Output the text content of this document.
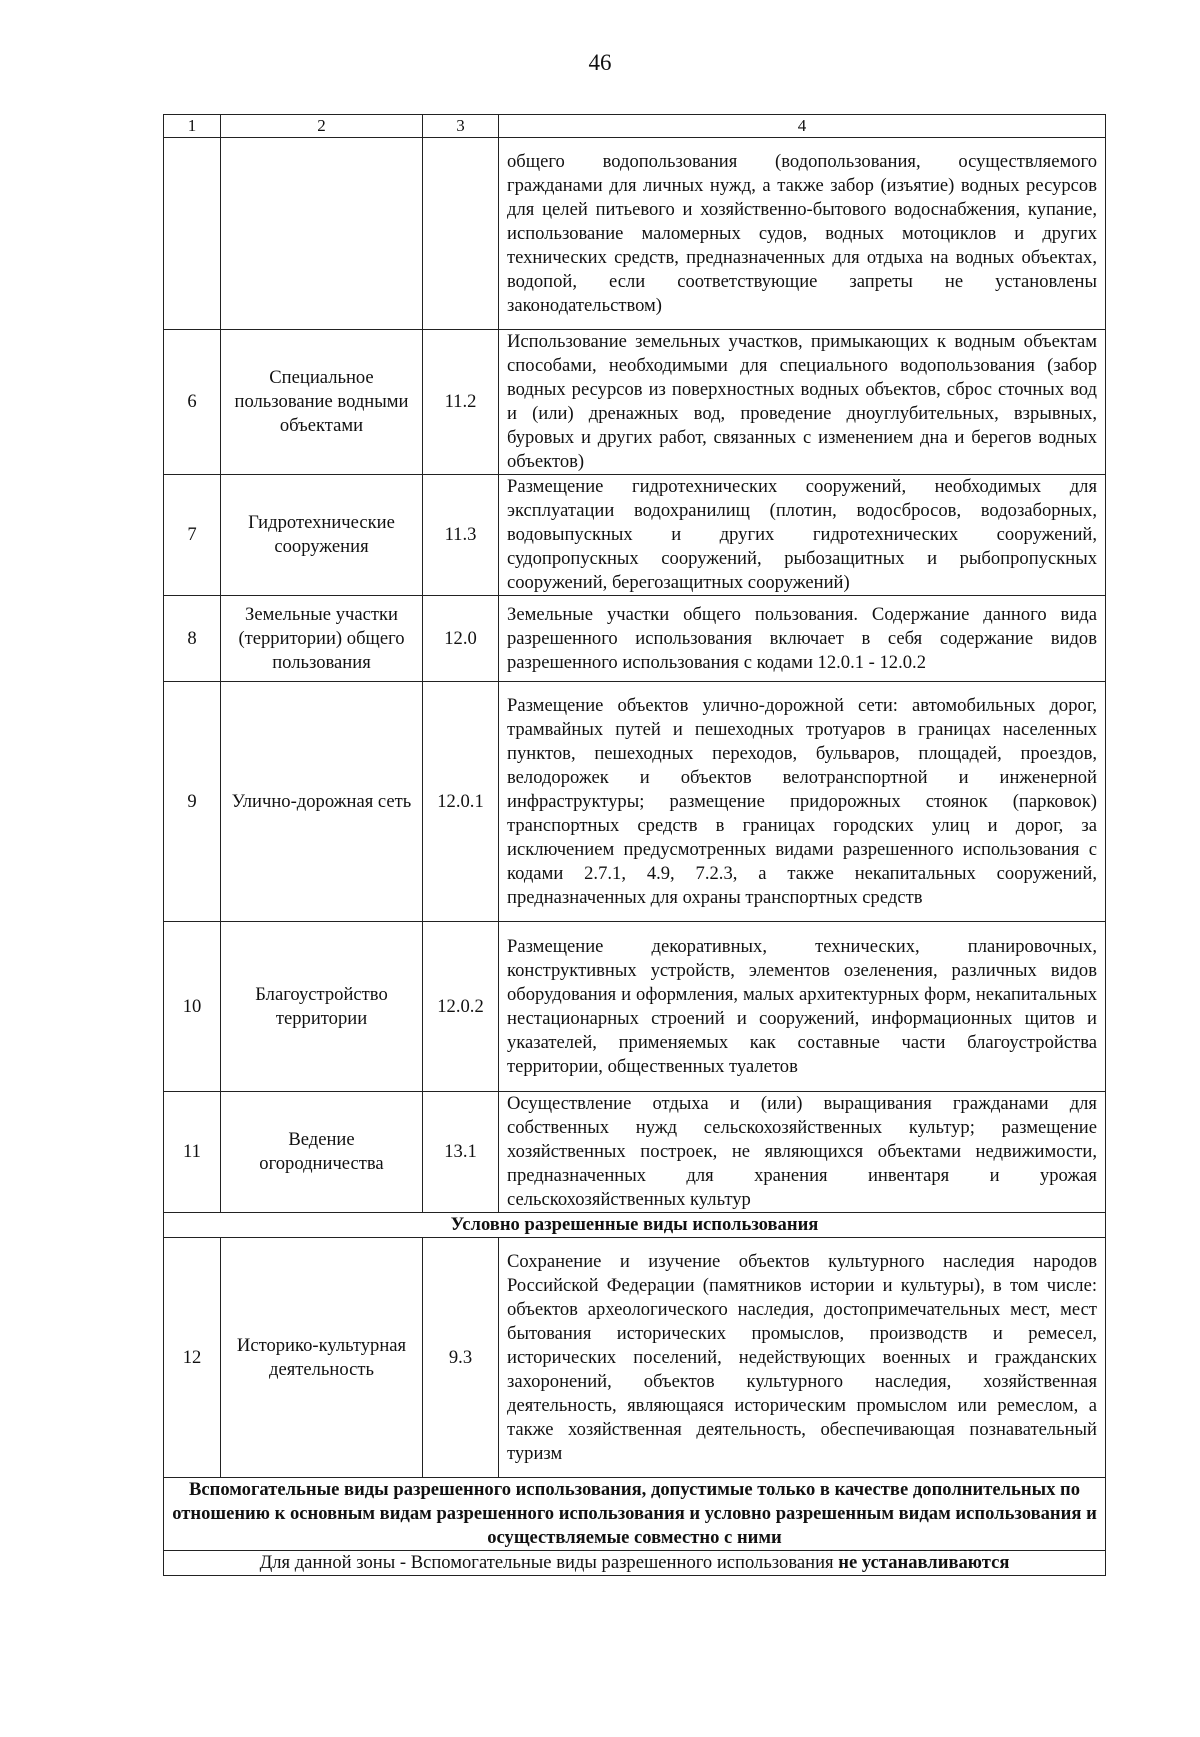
46
1	2	3	4
			общего водопользования (водопользования, осуществляемого гражданами для личных нужд, а также забор (изъятие) водных ресурсов для целей питьевого и хозяйственно-бытового водоснабжения, купание, использование маломерных судов, водных мотоциклов и других технических средств, предназначенных для отдыха на водных объектах, водопой, если соответствующие запреты не установлены законодательством)
6	Специальное пользование водными объектами	11.2	Использование земельных участков, примыкающих к водным объектам способами, необходимыми для специального водопользования (забор водных ресурсов из поверхностных водных объектов, сброс сточных вод и (или) дренажных вод, проведение дноуглубительных, взрывных, буровых и других работ, связанных с изменением дна и берегов водных объектов)
7	Гидротехнические сооружения	11.3	Размещение гидротехнических сооружений, необходимых для эксплуатации водохранилищ (плотин, водосбросов, водозаборных, водовыпускных и других гидротехнических сооружений, судопропускных сооружений, рыбозащитных и рыбопропускных сооружений, берегозащитных сооружений)
8	Земельные участки (территории) общего пользования	12.0	Земельные участки общего пользования. Содержание данного вида разрешенного использования включает в себя содержание видов разрешенного использования с кодами 12.0.1 - 12.0.2
9	Улично-дорожная сеть	12.0.1	Размещение объектов улично-дорожной сети: автомобильных дорог, трамвайных путей и пешеходных тротуаров в границах населенных пунктов, пешеходных переходов, бульваров, площадей, проездов, велодорожек и объектов велотранспортной и инженерной инфраструктуры; размещение придорожных стоянок (парковок) транспортных средств в границах городских улиц и дорог, за исключением предусмотренных видами разрешенного использования с кодами 2.7.1, 4.9, 7.2.3, а также некапитальных сооружений, предназначенных для охраны транспортных средств
10	Благоустройство территории	12.0.2	Размещение декоративных, технических, планировочных, конструктивных устройств, элементов озеленения, различных видов оборудования и оформления, малых архитектурных форм, некапитальных нестационарных строений и сооружений, информационных щитов и указателей, применяемых как составные части благоустройства территории, общественных туалетов
11	Ведение огородничества	13.1	Осуществление отдыха и (или) выращивания гражданами для собственных нужд сельскохозяйственных культур; размещение хозяйственных построек, не являющихся объектами недвижимости, предназначенных для хранения инвентаря и урожая сельскохозяйственных культур
Условно разрешенные виды использования			
12	Историко-культурная деятельность	9.3	Сохранение и изучение объектов культурного наследия народов Российской Федерации (памятников истории и культуры), в том числе: объектов археологического наследия, достопримечательных мест, мест бытования исторических промыслов, производств и ремесел, исторических поселений, недействующих военных и гражданских захоронений, объектов культурного наследия, хозяйственная деятельность, являющаяся историческим промыслом или ремеслом, а также хозяйственная деятельность, обеспечивающая познавательный туризм
Вспомогательные виды разрешенного использования, допустимые только в качестве дополнительных по отношению к основным видам разрешенного использования и условно разрешенным видам использования и осуществляемые совместно с ними			
Для данной зоны - Вспомогательные виды разрешенного использования не устанавливаются			
